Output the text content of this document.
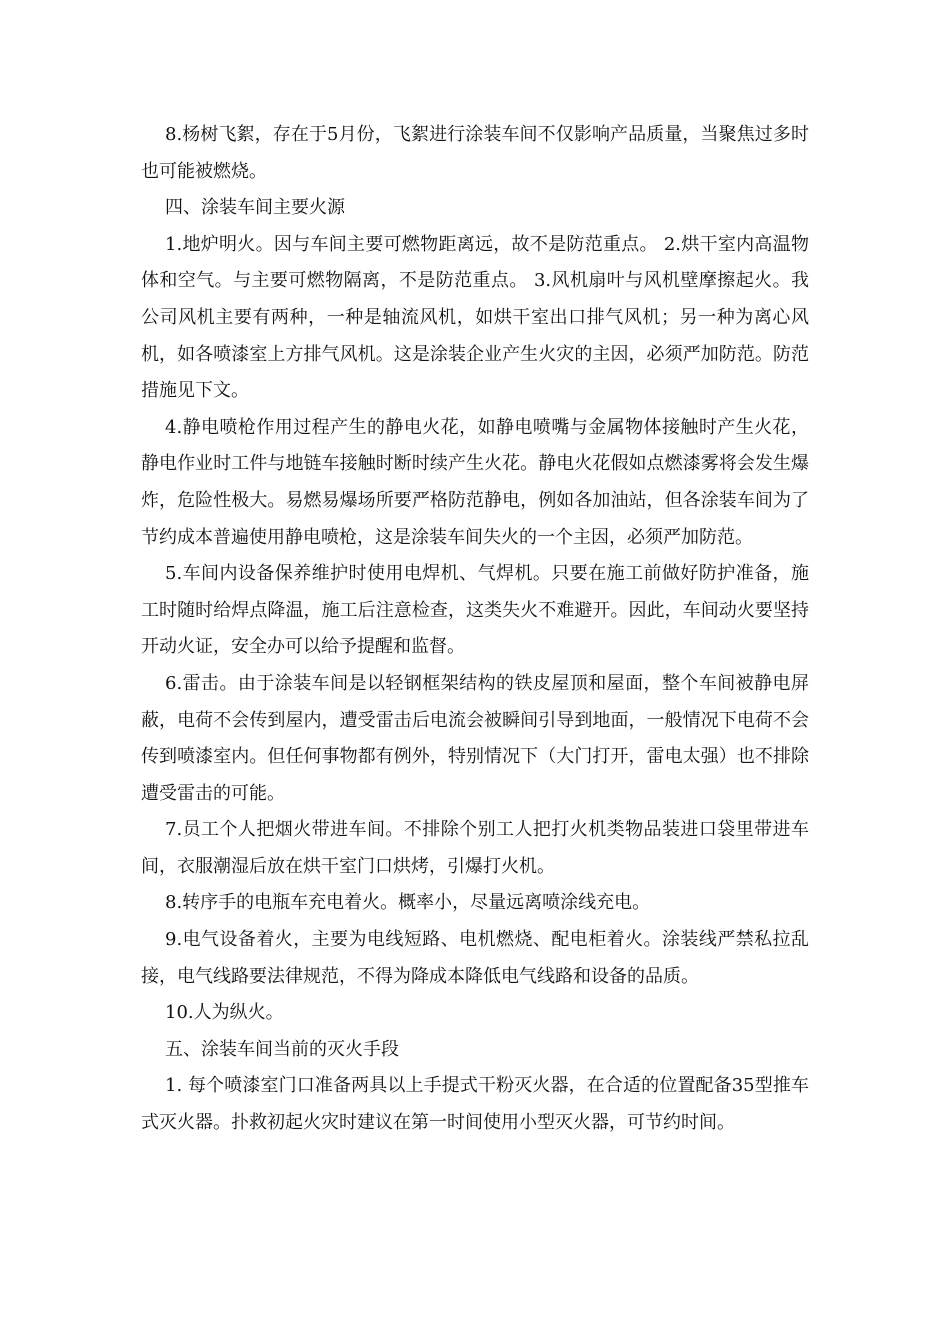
8.杨树飞絮，存在于5月份，飞絮进行涂装车间不仅影响产品质量，当聚焦过多时也可能被燃烧。

四、涂装车间主要火源

1.地炉明火。因与车间主要可燃物距离远，故不是防范重点。 2.烘干室内高温物体和空气。与主要可燃物隔离，不是防范重点。 3.风机扇叶与风机壁摩擦起火。我公司风机主要有两种，一种是轴流风机，如烘干室出口排气风机；另一种为离心风机，如各喷漆室上方排气风机。这是涂装企业产生火灾的主因，必须严加防范。防范措施见下文。

4.静电喷枪作用过程产生的静电火花，如静电喷嘴与金属物体接触时产生火花，静电作业时工件与地链车接触时断时续产生火花。静电火花假如点燃漆雾将会发生爆炸，危险性极大。易燃易爆场所要严格防范静电，例如各加油站，但各涂装车间为了节约成本普遍使用静电喷枪，这是涂装车间失火的一个主因，必须严加防范。

5.车间内设备保养维护时使用电焊机、气焊机。只要在施工前做好防护准备，施工时随时给焊点降温，施工后注意检查，这类失火不难避开。因此，车间动火要坚持开动火证，安全办可以给予提醒和监督。

6.雷击。由于涂装车间是以轻钢框架结构的铁皮屋顶和屋面，整个车间被静电屏蔽，电荷不会传到屋内，遭受雷击后电流会被瞬间引导到地面，一般情况下电荷不会传到喷漆室内。但任何事物都有例外，特别情况下（大门打开，雷电太强）也不排除遭受雷击的可能。

7.员工个人把烟火带进车间。不排除个别工人把打火机类物品装进口袋里带进车间，衣服潮湿后放在烘干室门口烘烤，引爆打火机。

8.转序手的电瓶车充电着火。概率小，尽量远离喷涂线充电。

9.电气设备着火，主要为电线短路、电机燃烧、配电柜着火。涂装线严禁私拉乱接，电气线路要法律规范，不得为降成本降低电气线路和设备的品质。

10.人为纵火。

五、涂装车间当前的灭火手段

1. 每个喷漆室门口准备两具以上手提式干粉灭火器，在合适的位置配备35型推车式灭火器。扑救初起火灾时建议在第一时间使用小型灭火器，可节约时间。
